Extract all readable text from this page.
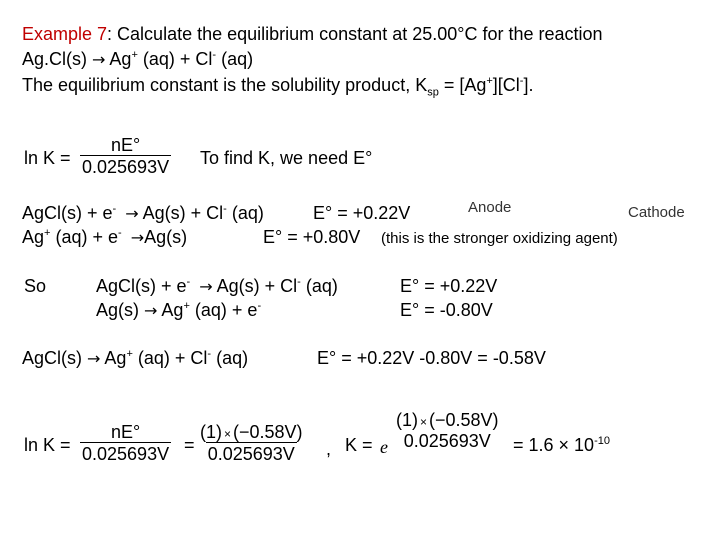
Example 7: Calculate the equilibrium constant at 25.00°C for the reaction
Ag.Cl(s) → Ag+ (aq) + Cl- (aq)
The equilibrium constant is the solubility product, $K_{sp} = [Ag^+][Cl^-]$.
$\ln K = \frac{nE^\circ}{0.025693V}$ To find K, we need E°
Anode	Cathode
AgCl(s) + e- → Ag(s) + Cl- (aq)	E° = +0.22V
Ag+ (aq) + e- →Ag(s)	E° = +0.80V (this is the stronger oxidizing agent)
So	AgCl(s) + e- → Ag(s) + Cl- (aq)	E° = +0.22V
Ag(s) → Ag+ (aq) + e-	E° = -0.80V
AgCl(s) → Ag+ (aq) + Cl- (aq)	E° = +0.22V -0.80V = -0.58V
$\ln K = \frac{nE^\circ}{0.025693V} = \frac{(1) \times (-0.58V)}{0.025693V}$ , K = e
(1) × (−0.58V)
$0.025693V = 1.6 \times 10^{-10}$
